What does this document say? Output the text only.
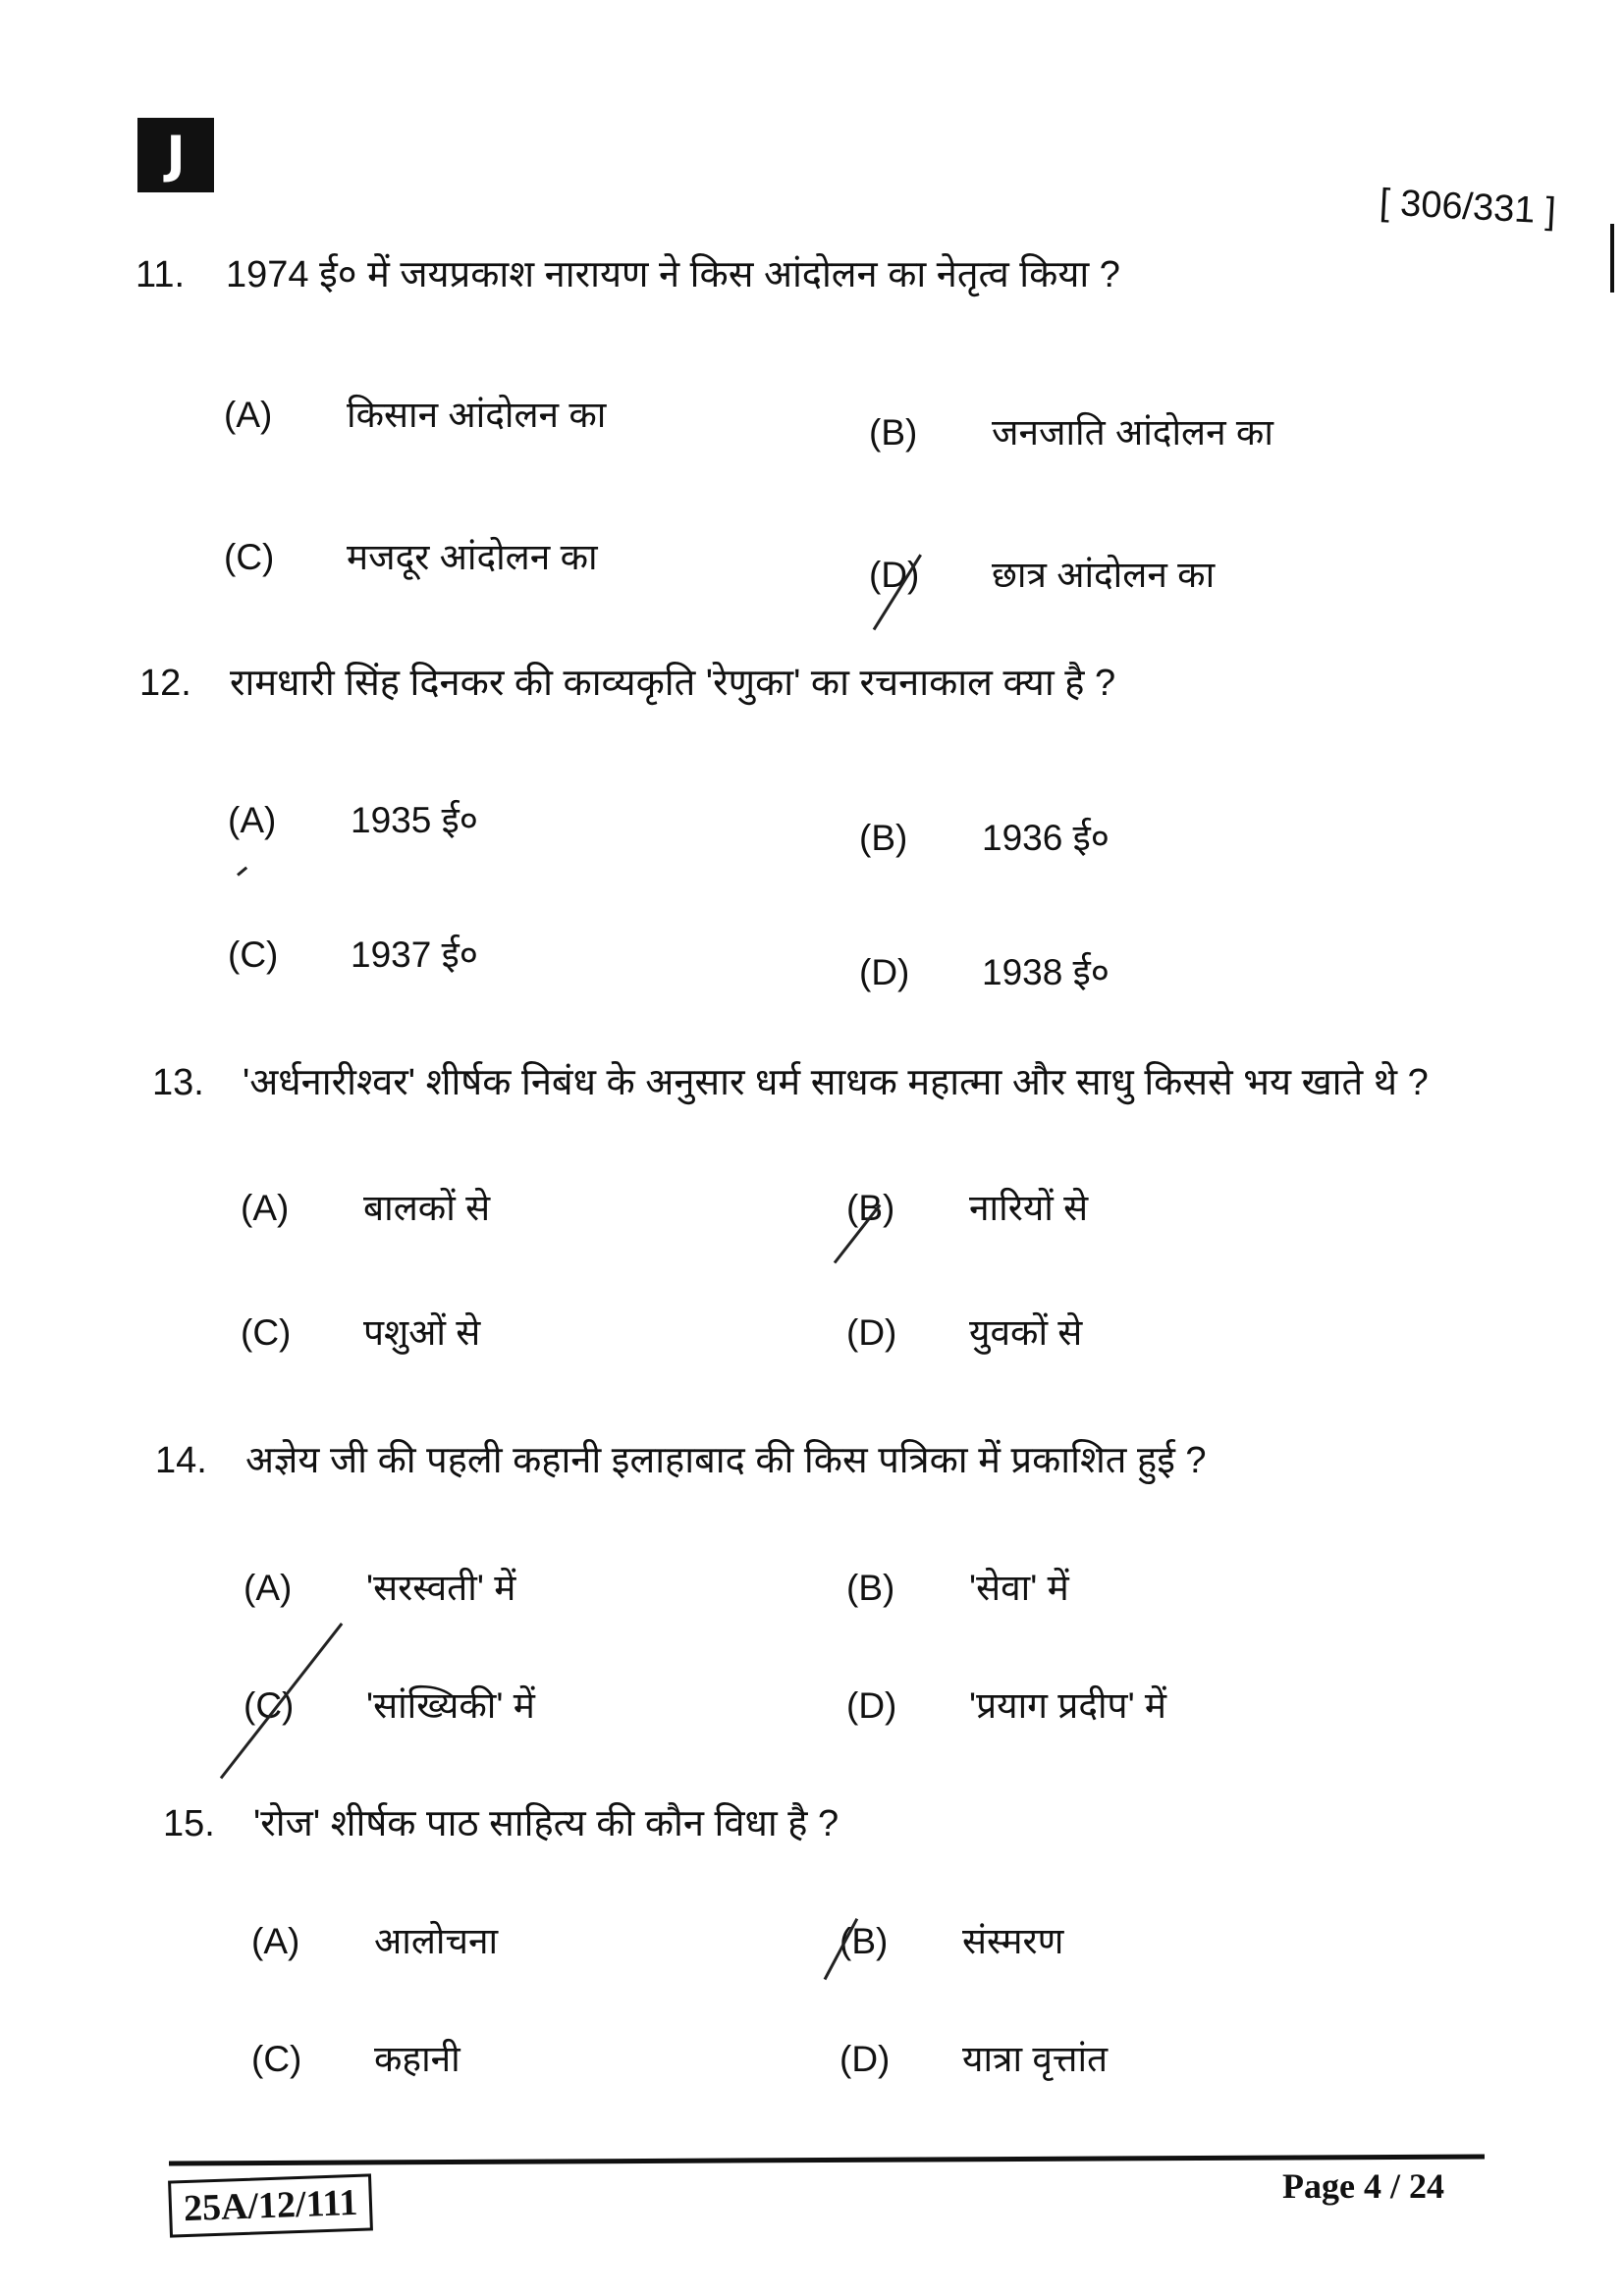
J
[ 306/331 ]
11. 1974 ई० में जयप्रकाश नारायण ने किस आंदोलन का नेतृत्व किया ?
(A) किसान आंदोलन का	(B) जनजाति आंदोलन का
(C) मजदूर आंदोलन का	(D) छात्र आंदोलन का
12. रामधारी सिंह दिनकर की काव्यकृति 'रेणुका' का रचनाकाल क्या है ?
(A) 1935 ई०	(B) 1936 ई०
(C) 1937 ई०	(D) 1938 ई०
13. 'अर्धनारीश्वर' शीर्षक निबंध के अनुसार धर्म साधक महात्मा और साधु किससे भय खाते थे ?
(A) बालकों से	(B) नारियों से
(C) पशुओं से	(D) युवकों से
14. अज्ञेय जी की पहली कहानी इलाहाबाद की किस पत्रिका में प्रकाशित हुई ?
(A) 'सरस्वती' में	(B) 'सेवा' में
(C) 'सांख्यिकी' में	(D) 'प्रयाग प्रदीप' में
15. 'रोज' शीर्षक पाठ साहित्य की कौन विधा है ?
(A) आलोचना	(B) संस्मरण
(C) कहानी	(D) यात्रा वृत्तांत
25A/12/111	Page 4 / 24
